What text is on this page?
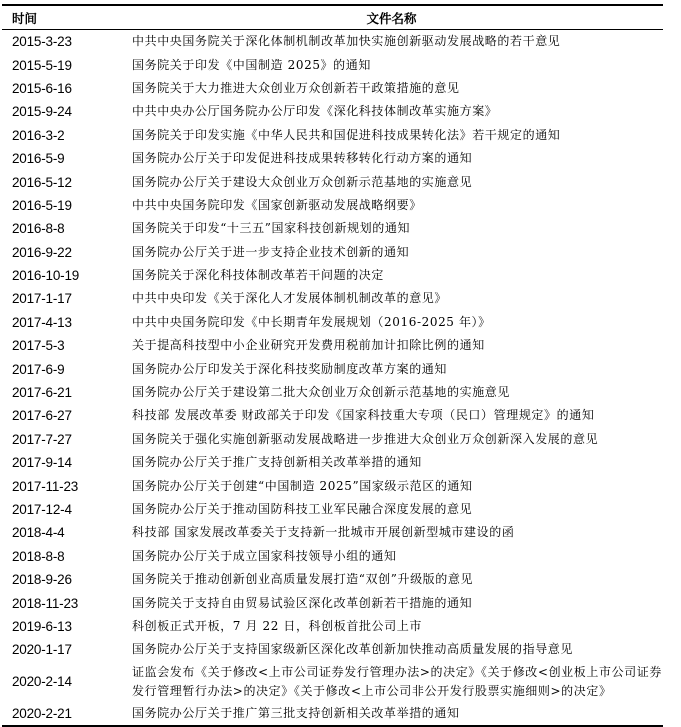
时间	文件名称
2015-3-23	中共中央国务院关于深化体制机制改革加快实施创新驱动发展战略的若干意见
2015-5-19	国务院关于印发《中国制造 2025》的通知
2015-6-16	国务院关于大力推进大众创业万众创新若干政策措施的意见
2015-9-24	中共中央办公厅国务院办公厅印发《深化科技体制改革实施方案》
2016-3-2	国务院关于印发实施《中华人民共和国促进科技成果转化法》若干规定的通知
2016-5-9	国务院办公厅关于印发促进科技成果转移转化行动方案的通知
2016-5-12	国务院办公厅关于建设大众创业万众创新示范基地的实施意见
2016-5-19	中共中央国务院印发《国家创新驱动发展战略纲要》
2016-8-8	国务院关于印发“十三五”国家科技创新规划的通知
2016-9-22	国务院办公厅关于进一步支持企业技术创新的通知
2016-10-19	国务院关于深化科技体制改革若干问题的决定
2017-1-17	中共中央印发《关于深化人才发展体制机制改革的意见》
2017-4-13	中共中央国务院印发《中长期青年发展规划（2016-2025 年）》
2017-5-3	关于提高科技型中小企业研究开发费用税前加计扣除比例的通知
2017-6-9	国务院办公厅印发关于深化科技奖励制度改革方案的通知
2017-6-21	国务院办公厅关于建设第二批大众创业万众创新示范基地的实施意见
2017-6-27	科技部 发展改革委 财政部关于印发《国家科技重大专项（民口）管理规定》的通知
2017-7-27	国务院关于强化实施创新驱动发展战略进一步推进大众创业万众创新深入发展的意见
2017-9-14	国务院办公厅关于推广支持创新相关改革举措的通知
2017-11-23	国务院办公厅关于创建“中国制造 2025”国家级示范区的通知
2017-12-4	国务院办公厅关于推动国防科技工业军民融合深度发展的意见
2018-4-4	科技部 国家发展改革委关于支持新一批城市开展创新型城市建设的函
2018-8-8	国务院办公厅关于成立国家科技领导小组的通知
2018-9-26	国务院关于推动创新创业高质量发展打造“双创”升级版的意见
2018-11-23	国务院关于支持自由贸易试验区深化改革创新若干措施的通知
2019-6-13	科创板正式开板，7 月 22 日，科创板首批公司上市
2020-1-17	国务院办公厅关于支持国家级新区深化改革创新加快推动高质量发展的指导意见
2020-2-14	证监会发布《关于修改<上市公司证券发行管理办法>的决定》《关于修改<创业板上市公司证券发行管理暂行办法>的决定》《关于修改<上市公司非公开发行股票实施细则>的决定》
2020-2-21	国务院办公厅关于推广第三批支持创新相关改革举措的通知
